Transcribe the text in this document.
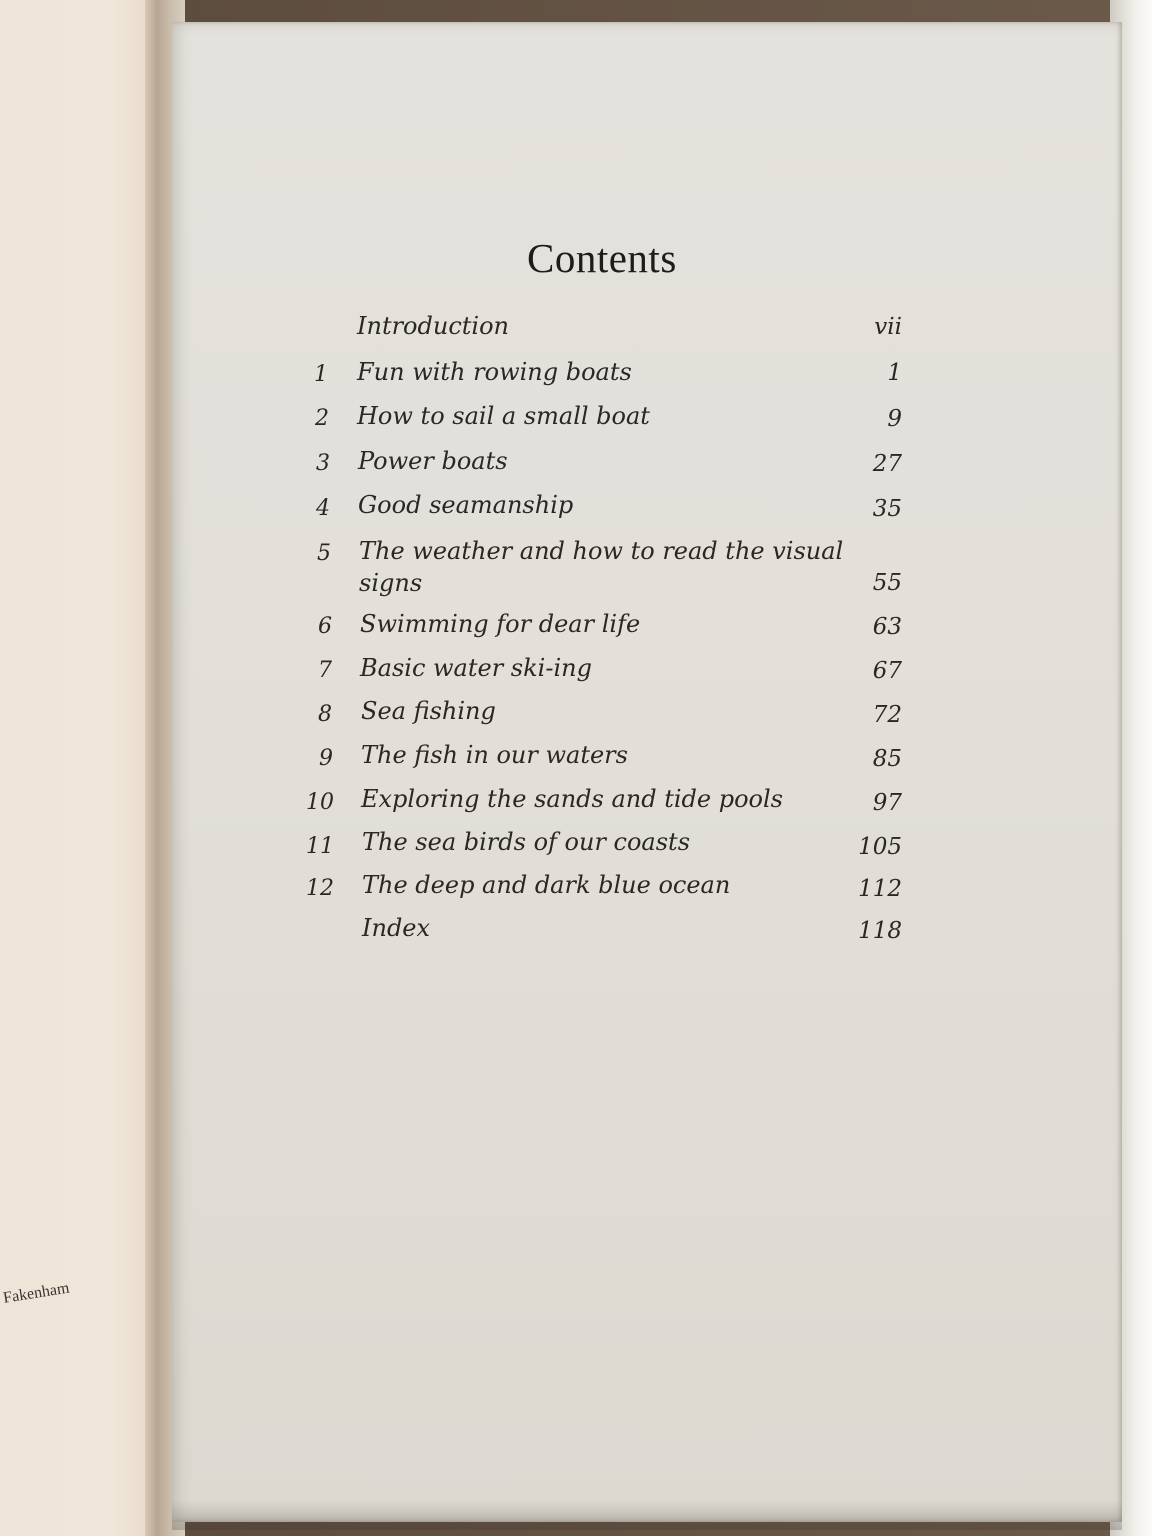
Fakenham
Contents
Introduction	vii
1 Fun with rowing boats	1
2 How to sail a small boat	9
3 Power boats	27
4 Good seamanship	35
5 The weather and how to read the visual signs	55
6 Swimming for dear life	63
7 Basic water ski-ing	67
8 Sea fishing	72
9 The fish in our waters	85
10 Exploring the sands and tide pools	97
11 The sea birds of our coasts	105
12 The deep and dark blue ocean	112
Index	118
